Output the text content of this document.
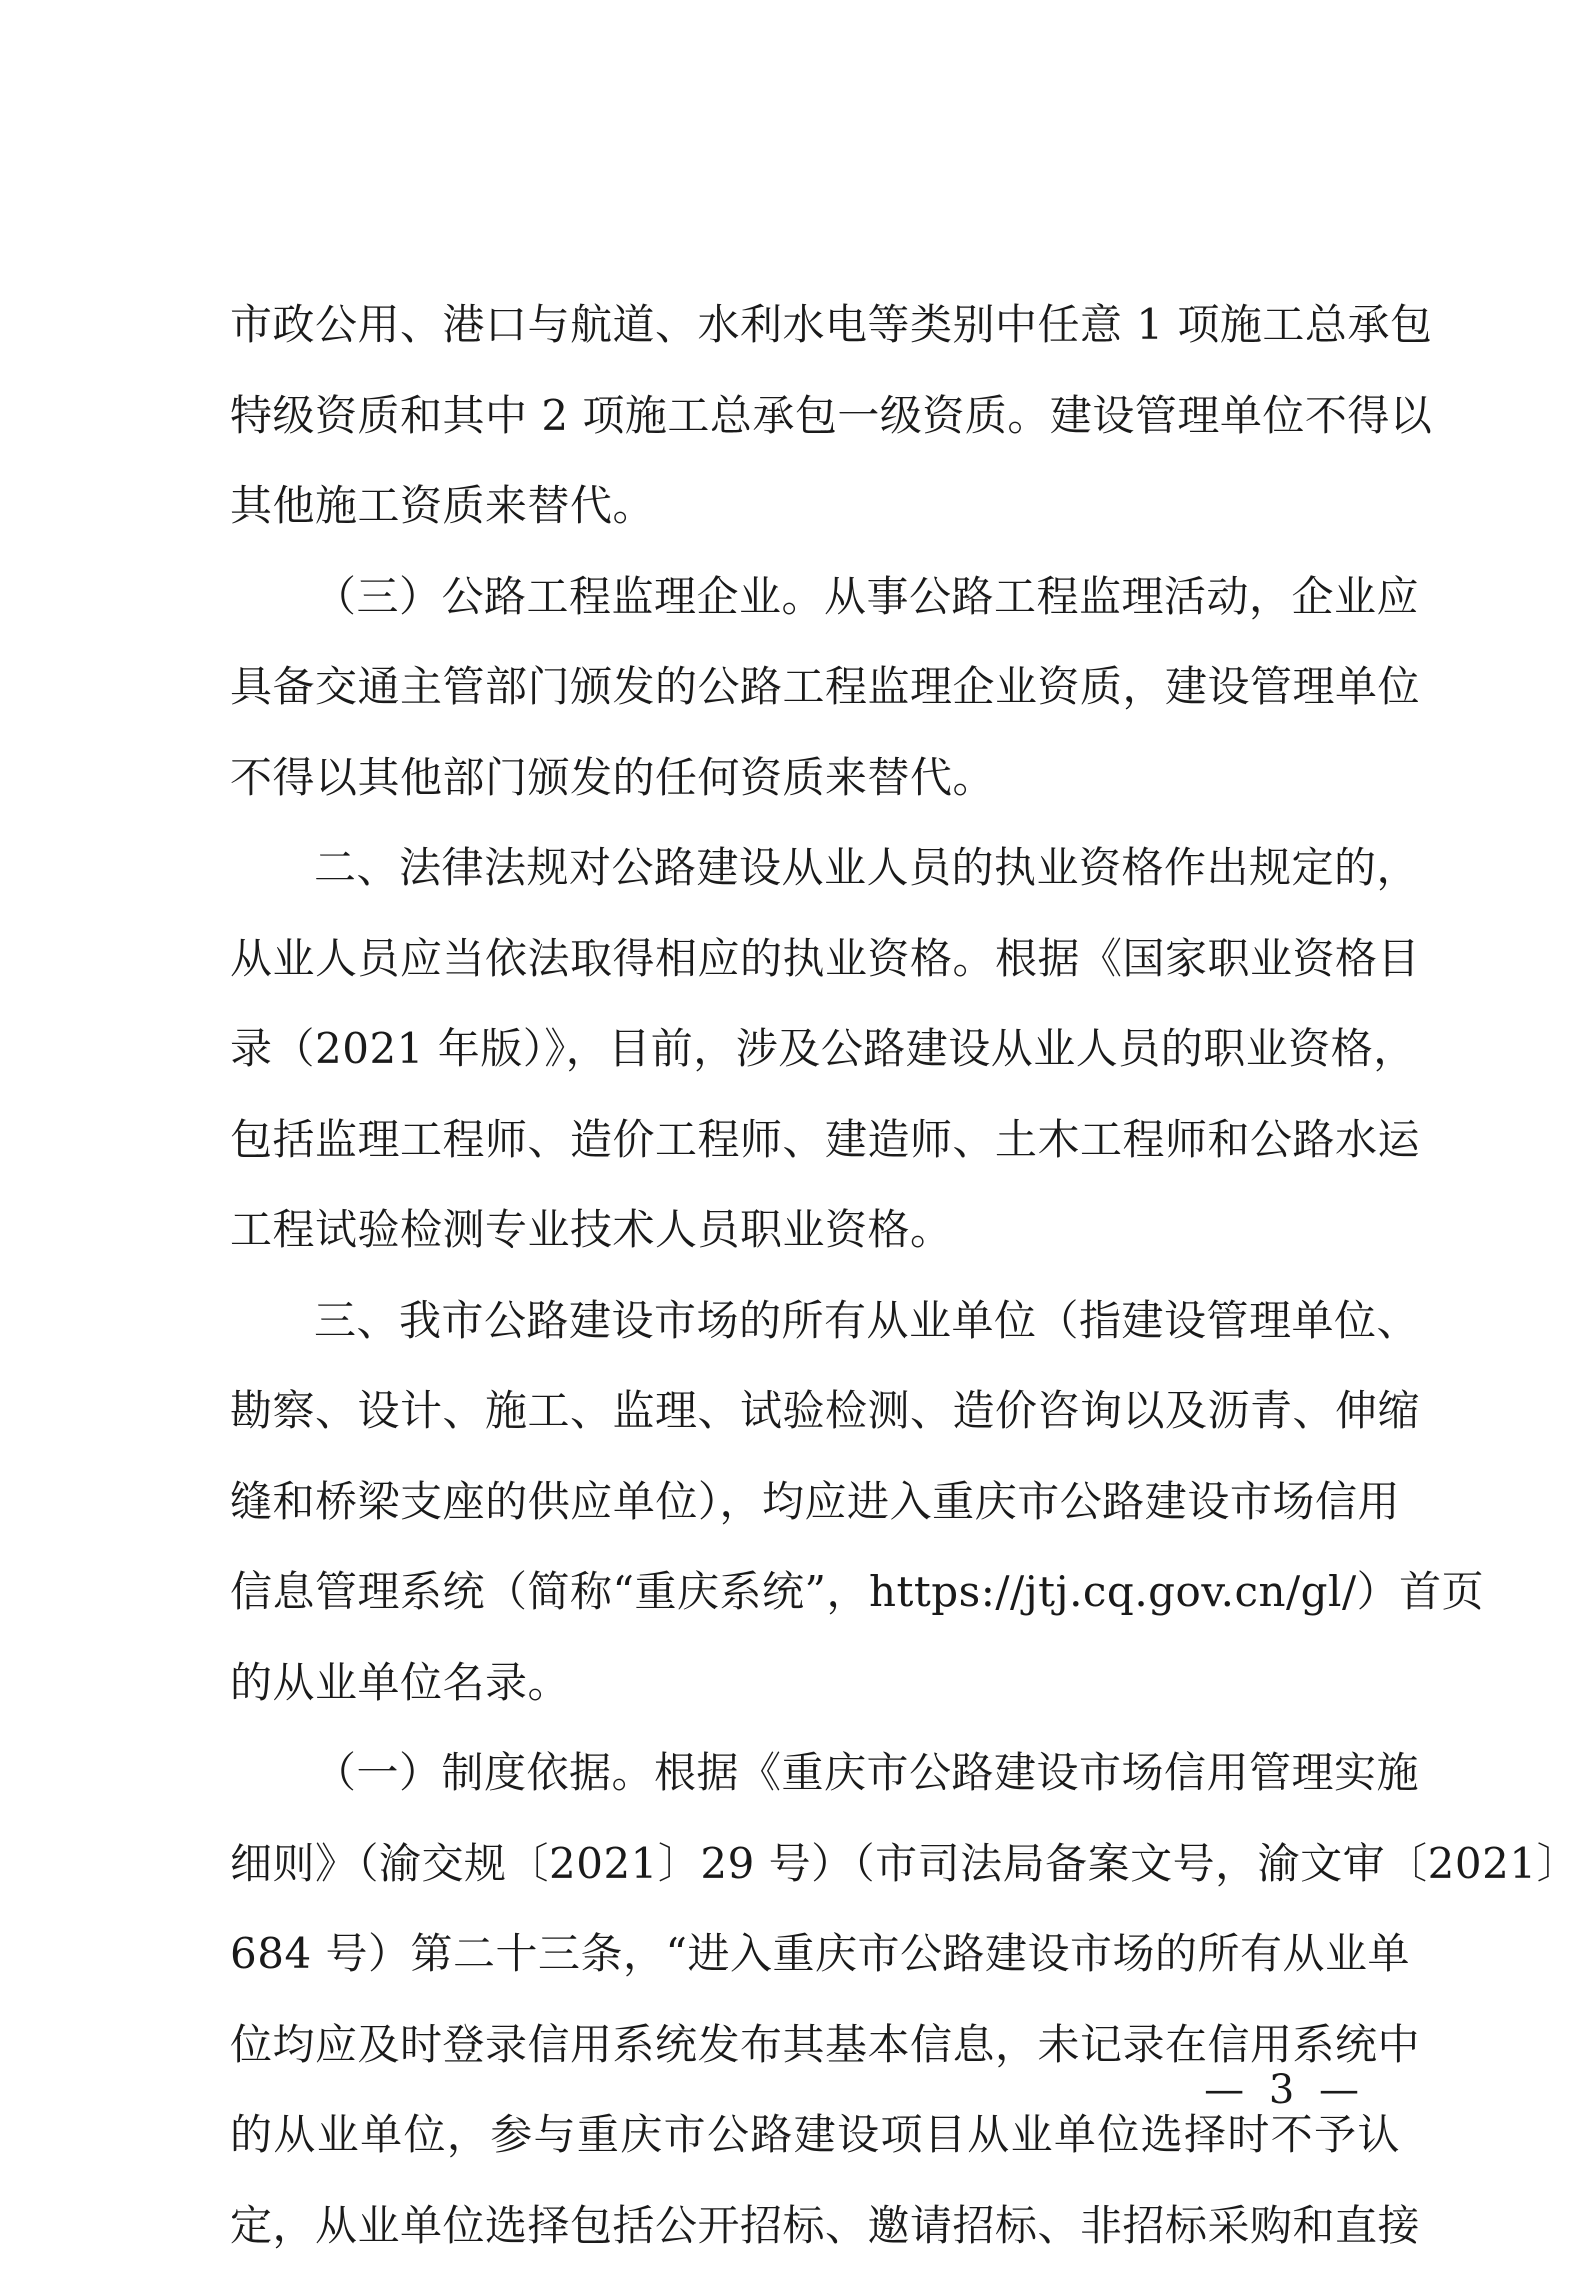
市政公用、港口与航道、水利水电等类别中任意 1 项施工总承包
特级资质和其中 2 项施工总承包一级资质。建设管理单位不得以
其他施工资质来替代。
（三）公路工程监理企业。从事公路工程监理活动，企业应
具备交通主管部门颁发的公路工程监理企业资质，建设管理单位
不得以其他部门颁发的任何资质来替代。
二、法律法规对公路建设从业人员的执业资格作出规定的，
从业人员应当依法取得相应的执业资格。根据《国家职业资格目
录（2021 年版）》，目前，涉及公路建设从业人员的职业资格，
包括监理工程师、造价工程师、建造师、土木工程师和公路水运
工程试验检测专业技术人员职业资格。
三、我市公路建设市场的所有从业单位（指建设管理单位、
勘察、设计、施工、监理、试验检测、造价咨询以及沥青、伸缩
缝和桥梁支座的供应单位），均应进入重庆市公路建设市场信用
信息管理系统（简称“重庆系统”，https://jtj.cq.gov.cn/gl/）首页
的从业单位名录。
（一）制度依据。根据《重庆市公路建设市场信用管理实施
细则》（渝交规〔2021〕29 号）（市司法局备案文号，渝文审〔2021〕
684 号）第二十三条，“进入重庆市公路建设市场的所有从业单
位均应及时登录信用系统发布其基本信息，未记录在信用系统中
的从业单位，参与重庆市公路建设项目从业单位选择时不予认
定，从业单位选择包括公开招标、邀请招标、非招标采购和直接
— 3 —
